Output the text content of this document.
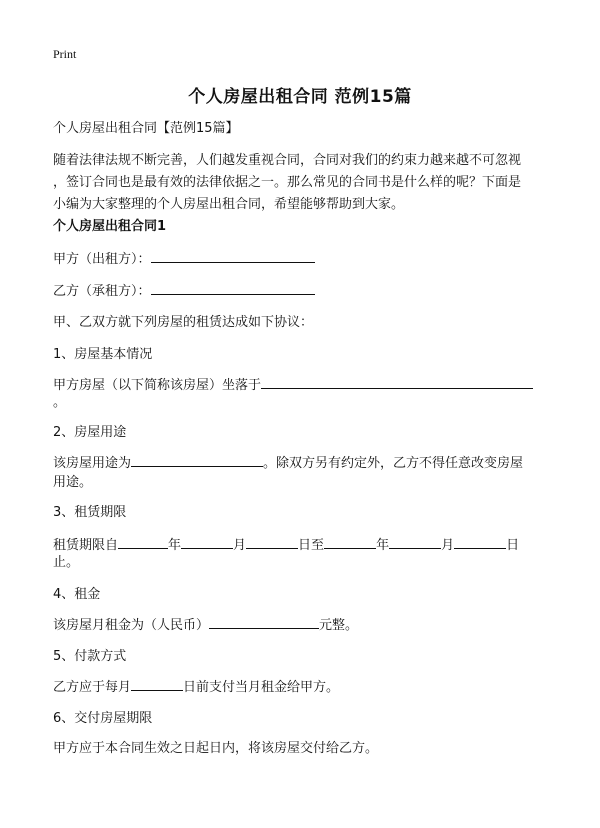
Print
个人房屋出租合同 范例15篇
个人房屋出租合同【范例15篇】
随着法律法规不断完善，人们越发重视合同，合同对我们的约束力越来越不可忽视
，签订合同也是最有效的法律依据之一。那么常见的合同书是什么样的呢？下面是
小编为大家整理的个人房屋出租合同，希望能够帮助到大家。
个人房屋出租合同1
甲方（出租方）：
乙方（承租方）：
甲、乙双方就下列房屋的租赁达成如下协议：
1、房屋基本情况
甲方房屋（以下简称该房屋）坐落于
。
2、房屋用途
该房屋用途为	。除双方另有约定外，乙方不得任意改变房屋
用途。
3、租赁期限
租赁期限自	年	月	日至	年	月	日
止。
4、租金
该房屋月租金为（人民币）	元整。
5、付款方式
乙方应于每月	日前支付当月租金给甲方。
6、交付房屋期限
甲方应于本合同生效之日起日内，将该房屋交付给乙方。
